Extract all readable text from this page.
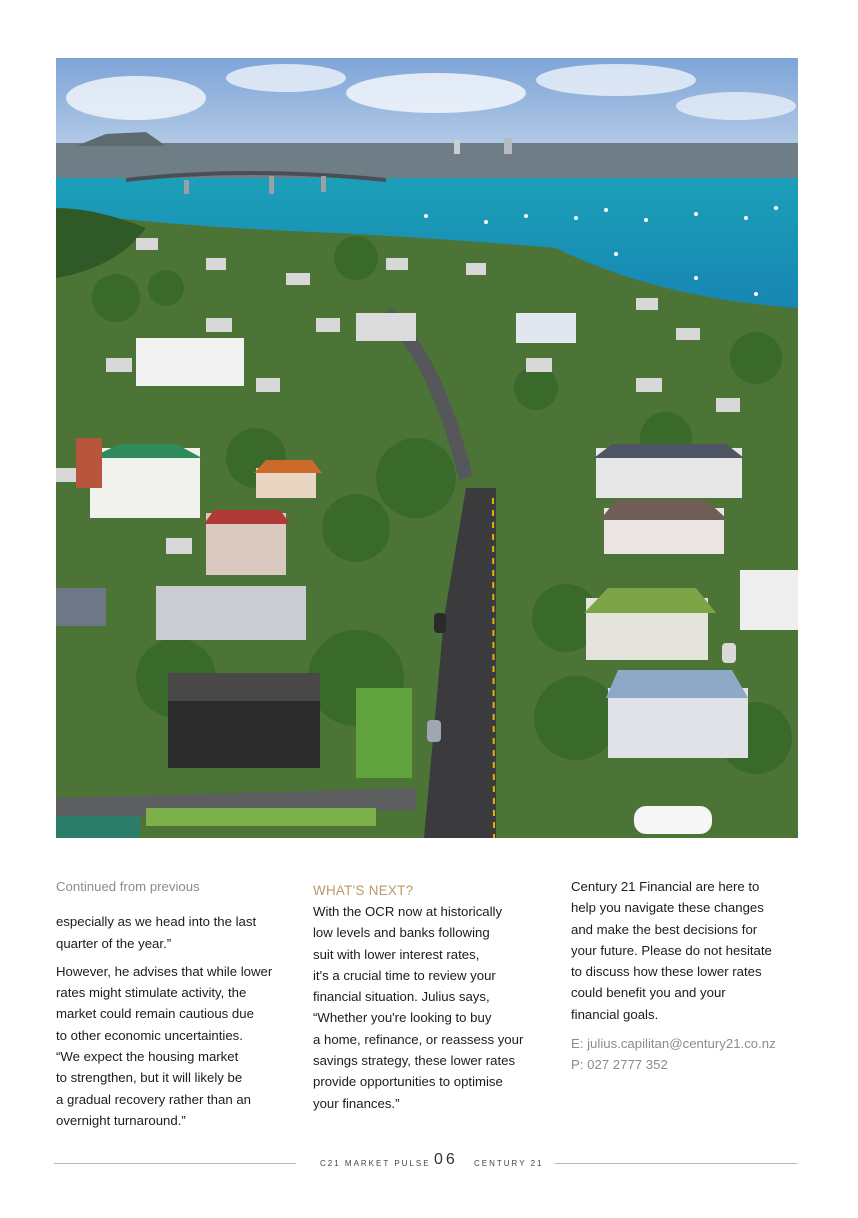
Continued from previous

especially as we head into the last

quarter of the year.”

However, he advises that while lower

rates might stimulate activity, the

market could remain cautious due

to other economic uncertainties.

“We expect the housing market

to strengthen, but it will likely be

a gradual recovery rather than an

overnight turnaround.”

WHAT'S NEXT?

With the OCR now at historically

low levels and banks following

suit with lower interest rates,

it's a crucial time to review your

financial situation. Julius says,

“Whether you're looking to buy

a home, refinance, or reassess your

savings strategy, these lower rates

provide opportunities to optimise

your finances.”

Century 21 Financial are here to

help you navigate these changes

and make the best decisions for

your future. Please do not hesitate

to discuss how these lower rates

could benefit you and your

financial goals.

E: julius.capilitan@century21.co.nz

P: 027 2777 352

C21 MARKET PULSE 06 CENTURY 21
